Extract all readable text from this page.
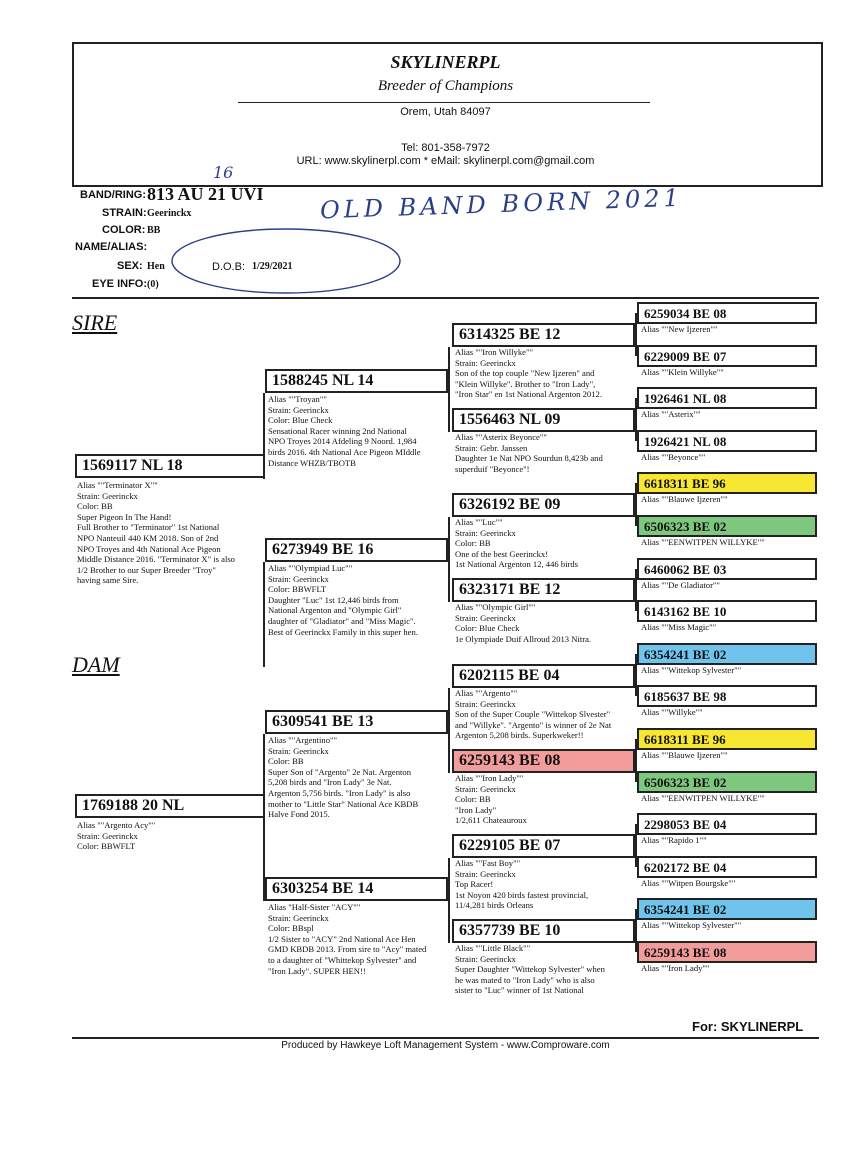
SKYLINERPL
Breeder of Champions
Orem, Utah 84097
Tel: 801-358-7972
URL: www.skylinerpl.com * eMail: skylinerpl.com@gmail.com
BAND/RING: 813 AU 21 UVI
16
OLD BAND BORN 2021
STRAIN: Geerinckx
COLOR: BB
NAME/ALIAS:
SEX: Hen	D.O.B: 1/29/2021
EYE INFO: (0)
SIRE
DAM
1569117 NL 18
Alias ""Terminator X""
Strain: Geerinckx
Color: BB
Super Pigeon In The Hand!
Full Brother to "Terminator" 1st National
NPO Nanteuil 440 KM 2018. Son of 2nd
NPO Troyes and 4th National Ace Pigeon
Middle Distance 2016. "Terminator X" is also
1/2 Brother to our Super Breeder "Troy"
having same Sire.
1769188 20 NL
Alias ""Argento Acy""
Strain: Geerinckx
Color: BBWFLT
1588245 NL 14
Alias ""Troyan""
Strain: Geerinckx
Color: Blue Check
Sensational Racer winning 2nd National
NPO Troyes 2014 Afdeling 9 Noord. 1,984
birds 2016. 4th National Ace Pigeon MIddle
Distance WHZB/TBOTB
6273949 BE 16
Alias ""Olympiad Luc""
Strain: Geerinckx
Color: BBWFLT
Daughter "Luc" 1st 12,446 birds from
National Argenton and "Olympic Girl"
daughter of "Gladiator" and "Miss Magic".
Best of Geerinckx Family in this super hen.
6309541 BE 13
Alias ""Argentino""
Strain: Geerinckx
Color: BB
Super Son of "Argento" 2e Nat. Argenton
5,208 birds and "Iron Lady" 3e Nat.
Argenton 5,756 birds. "Iron Lady" is also
mother to "Little Star" National Ace KBDB
Halve Fond 2015.
6303254 BE 14
Alias "Half-Sister "ACY""
Strain: Geerinckx
Color: BBspl
1/2 Sister to "ACY" 2nd National Ace Hen
GMD KBDB 2013. From sire to "Acy" mated
to a daughter of "Whittekop Sylvester" and
"Iron Lady". SUPER HEN!!
6314325 BE 12
Alias ""Iron Willyke""
Strain: Geerinckx
Son of the top couple "New Ijzeren" and
"Klein Willyke". Brother to "Iron Lady",
"Iron Star" en 1st National Argenton 2012.
1556463 NL 09
Alias ""Asterix Beyonce""
Strain: Gebr. Janssen
Daughter 1e Nat NPO Sourdun 8,423b and
superduif "Beyonce"!
6326192 BE 09
Alias ""Luc""
Strain: Geerinckx
Color: BB
One of the best Geerinckx!
1st National Argenton 12, 446 birds
6323171 BE 12
Alias ""Olympic Girl""
Strain: Geerinckx
Color: Blue Check
1e Olympiade Duif Allroud 2013 Nitra.
6202115 BE 04
Alias ""Argento""
Strain: Geerinckx
Son of the Super Couple "Wittekop Slvester"
and "Willyke". "Argento" is winner of 2e Nat
Argenton 5,208 birds. Superkweker!!
6259143 BE 08
Alias ""Iron Lady""
Strain: Geerinckx
Color: BB
"Iron Lady"
1/2,611 Chateauroux
6229105 BE 07
Alias ""Fast Boy""
Strain: Geerinckx
Top Racer!
1st Noyon 420 birds fastest provincial,
11/4,281 birds Orleans
6357739 BE 10
Alias ""Little Black""
Strain: Geerinckx
Super Daughter "Wittekop Sylvester" when
he was mated to "Iron Lady" who is also
sister to "Luc" winner of 1st National
6259034 BE 08
Alias ""New Ijzeren""
6229009 BE 07
Alias ""Klein Willyke""
1926461 NL 08
Alias ""Asterix""
1926421 NL 08
Alias ""Beyonce""
6618311 BE 96
Alias ""Blauwe Ijzeren""
6506323 BE 02
Alias ""EENWITPEN WILLYKE""
6460062 BE 03
Alias ""De Gladiator""
6143162 BE 10
Alias ""Miss Magic""
6354241 BE 02
Alias ""Wittekop Sylvester""
6185637 BE 98
Alias ""Willyke""
6618311 BE 96
Alias ""Blauwe Ijzeren""
6506323 BE 02
Alias ""EENWITPEN WILLYKE""
2298053 BE 04
Alias ""Rapido 1""
6202172 BE 04
Alias ""Witpen Bourgske""
6354241 BE 02
Alias ""Wittekop Sylvester""
6259143 BE 08
Alias ""Iron Lady""
For: SKYLINERPL
Produced by Hawkeye Loft Management System - www.Comproware.com
